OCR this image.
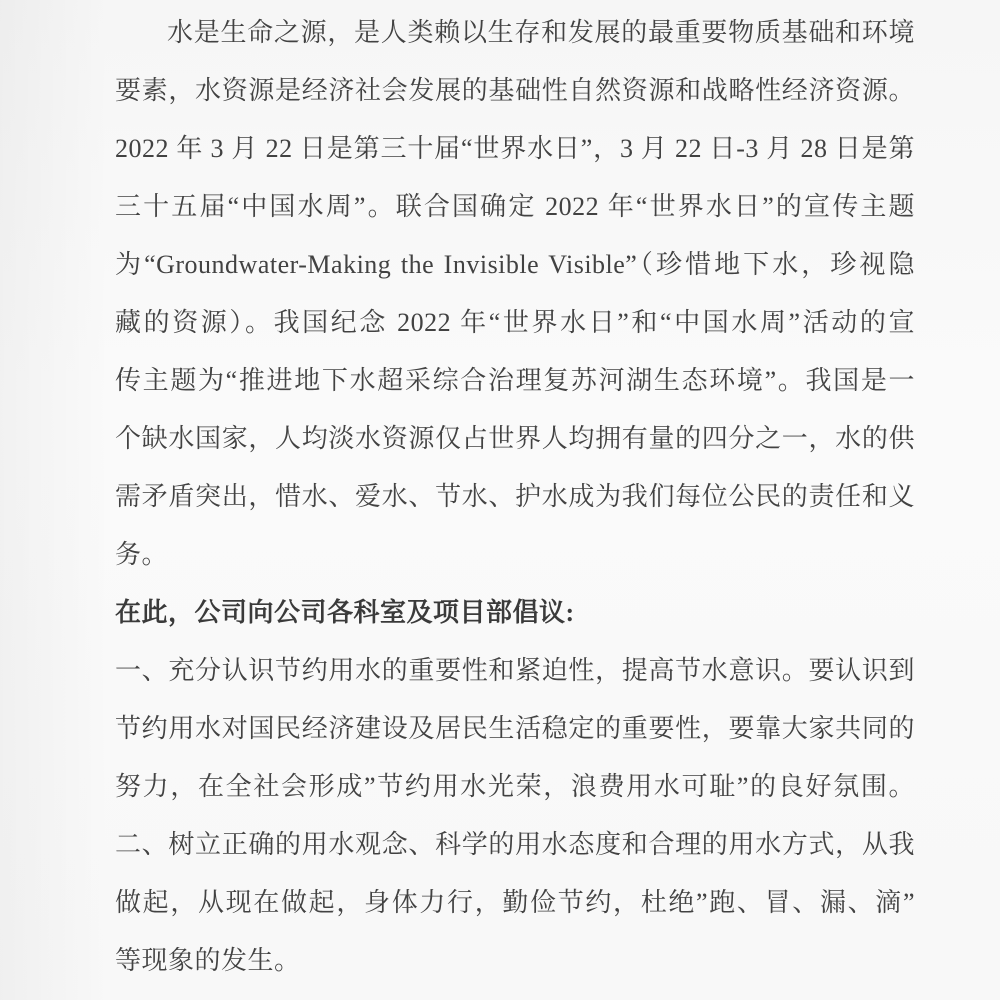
水是生命之源，是人类赖以生存和发展的最重要物质基础和环境
要素，水资源是经济社会发展的基础性自然资源和战略性经济资源。
2022 年 3 月 22 日是第三十届“世界水日”，3 月 22 日-3 月 28 日是第
三十五届“中国水周”。联合国确定 2022 年“世界水日”的宣传主题
为“Groundwater-Making the Invisible Visible”（珍惜地下水，珍视隐
藏的资源）。我国纪念 2022 年“世界水日”和“中国水周”活动的宣
传主题为“推进地下水超采综合治理复苏河湖生态环境”。我国是一
个缺水国家，人均淡水资源仅占世界人均拥有量的四分之一，水的供
需矛盾突出，惜水、爱水、节水、护水成为我们每位公民的责任和义
务。
在此，公司向公司各科室及项目部倡议:
一、充分认识节约用水的重要性和紧迫性，提高节水意识。要认识到
节约用水对国民经济建设及居民生活稳定的重要性，要靠大家共同的
努力，在全社会形成”节约用水光荣，浪费用水可耻”的良好氛围。
二、树立正确的用水观念、科学的用水态度和合理的用水方式，从我
做起，从现在做起，身体力行，勤俭节约，杜绝”跑、冒、漏、滴”
等现象的发生。
